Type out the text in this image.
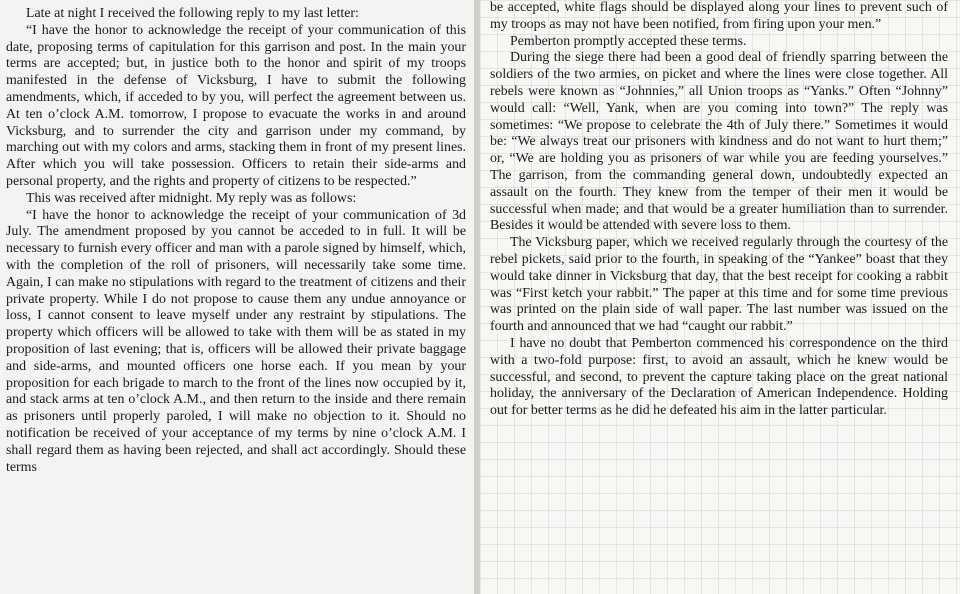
Late at night I received the following reply to my last letter:

“I have the honor to acknowledge the receipt of your communication of this date, proposing terms of capitulation for this garrison and post. In the main your terms are accepted; but, in justice both to the honor and spirit of my troops manifested in the defense of Vicksburg, I have to submit the following amendments, which, if acceded to by you, will perfect the agreement between us. At ten o’clock A.M. tomorrow, I propose to evacuate the works in and around Vicksburg, and to surrender the city and garrison under my command, by marching out with my colors and arms, stacking them in front of my present lines. After which you will take possession. Officers to retain their side-arms and personal property, and the rights and property of citizens to be respected.”

This was received after midnight. My reply was as follows:

“I have the honor to acknowledge the receipt of your communication of 3d July. The amendment proposed by you cannot be acceded to in full. It will be necessary to furnish every officer and man with a parole signed by himself, which, with the completion of the roll of prisoners, will necessarily take some time. Again, I can make no stipulations with regard to the treatment of citizens and their private property. While I do not propose to cause them any undue annoyance or loss, I cannot consent to leave myself under any restraint by stipulations. The property which officers will be allowed to take with them will be as stated in my proposition of last evening; that is, officers will be allowed their private baggage and side-arms, and mounted officers one horse each. If you mean by your proposition for each brigade to march to the front of the lines now occupied by it, and stack arms at ten o’clock A.M., and then return to the inside and there remain as prisoners until properly paroled, I will make no objection to it. Should no notification be received of your acceptance of my terms by nine o’clock A.M. I shall regard them as having been rejected, and shall act accordingly. Should these terms

be accepted, white flags should be displayed along your lines to prevent such of my troops as may not have been notified, from firing upon your men.”

Pemberton promptly accepted these terms.

During the siege there had been a good deal of friendly sparring between the soldiers of the two armies, on picket and where the lines were close together. All rebels were known as “Johnnies,” all Union troops as “Yanks.” Often “Johnny” would call: “Well, Yank, when are you coming into town?” The reply was sometimes: “We propose to celebrate the 4th of July there.” Sometimes it would be: “We always treat our prisoners with kindness and do not want to hurt them;” or, “We are holding you as prisoners of war while you are feeding yourselves.” The garrison, from the commanding general down, undoubtedly expected an assault on the fourth. They knew from the temper of their men it would be successful when made; and that would be a greater humiliation than to surrender. Besides it would be attended with severe loss to them.

The Vicksburg paper, which we received regularly through the courtesy of the rebel pickets, said prior to the fourth, in speaking of the “Yankee” boast that they would take dinner in Vicksburg that day, that the best receipt for cooking a rabbit was “First ketch your rabbit.” The paper at this time and for some time previous was printed on the plain side of wall paper. The last number was issued on the fourth and announced that we had “caught our rabbit.”

I have no doubt that Pemberton commenced his correspondence on the third with a two-fold purpose: first, to avoid an assault, which he knew would be successful, and second, to prevent the capture taking place on the great national holiday, the anniversary of the Declaration of American Independence. Holding out for better terms as he did he defeated his aim in the latter particular.
